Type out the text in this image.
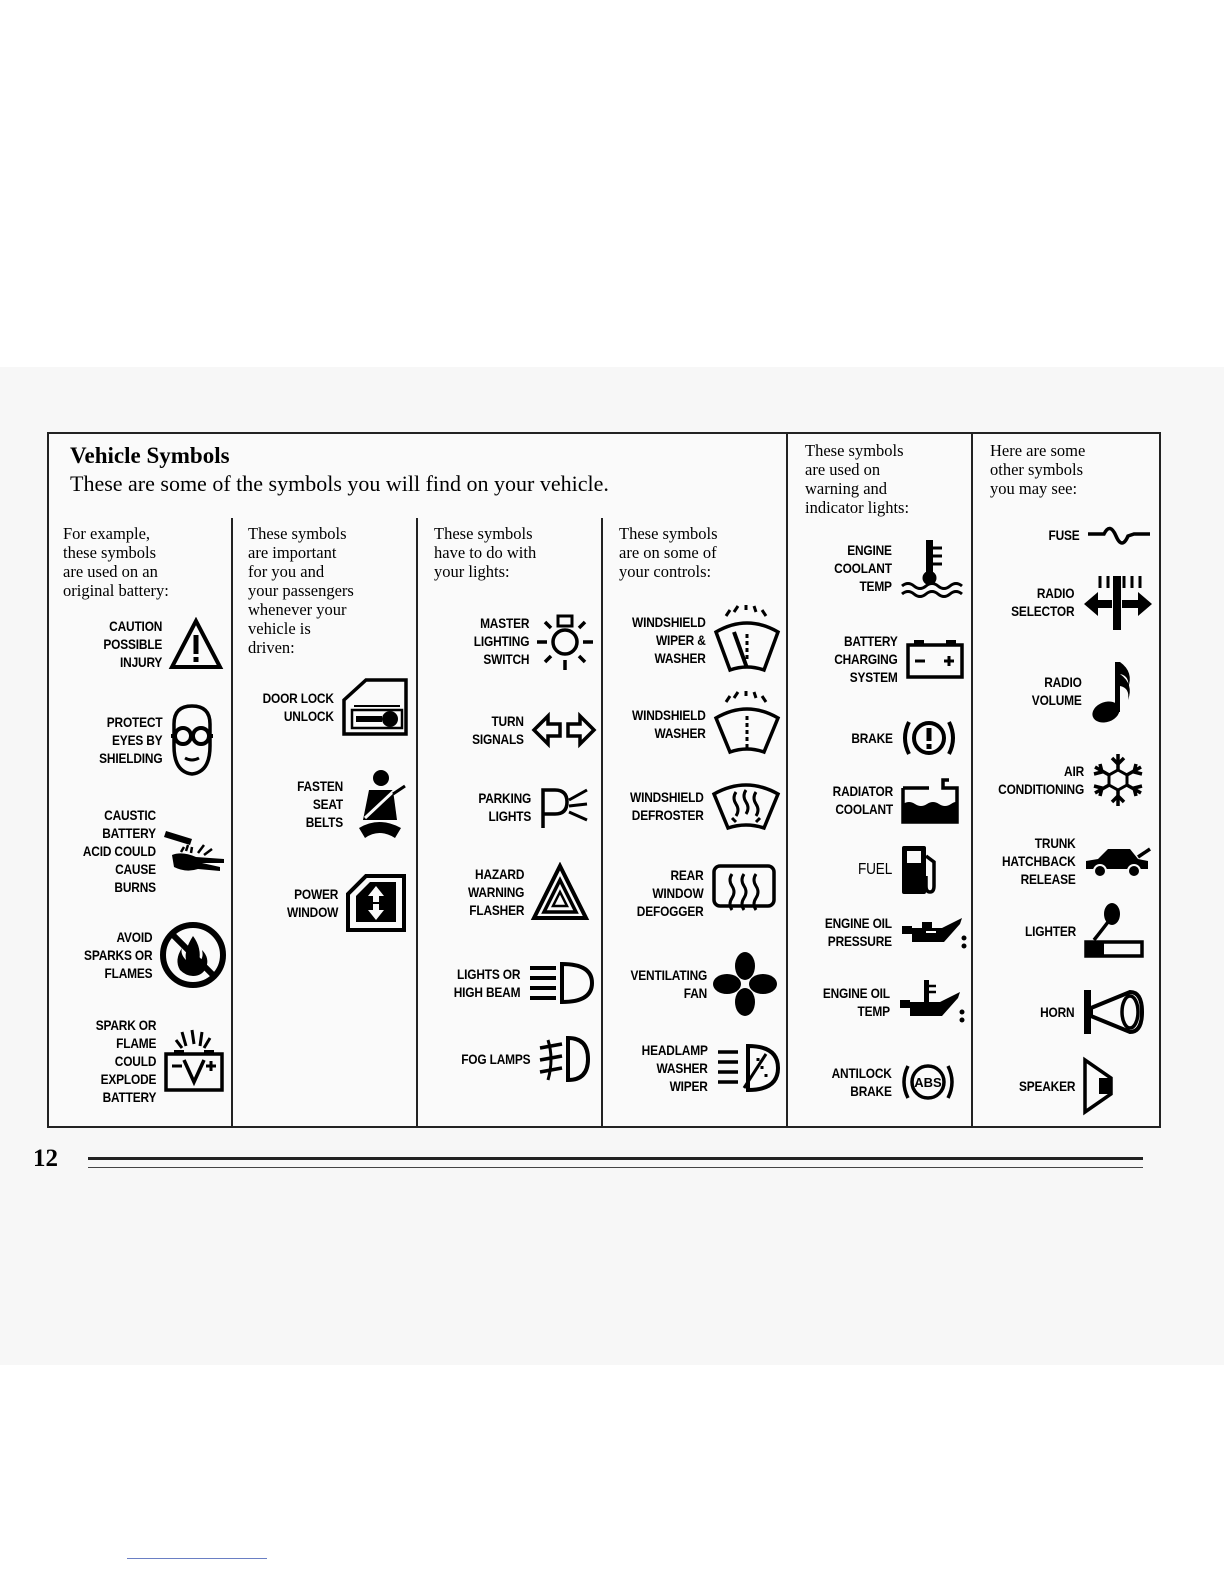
Vehicle Symbols
These are some of the symbols you will find on your vehicle.
For example,
these symbols
are used on an
original battery:
These symbols
are important
for you and
your passengers
whenever your
vehicle is
driven:
These symbols
have to do with
your lights:
These symbols
are on some of
your controls:
These symbols
are used on
warning and
indicator lights:
Here are some
other symbols
you may see:
CAUTION
POSSIBLE
INJURY
PROTECT
EYES BY
SHIELDING
CAUSTIC
BATTERY
ACID COULD
CAUSE
BURNS
AVOID
SPARKS OR
FLAMES
SPARK OR
FLAME
COULD
EXPLODE
BATTERY
DOOR LOCK
UNLOCK
FASTEN
SEAT
BELTS
POWER
WINDOW
MASTER
LIGHTING
SWITCH
TURN
SIGNALS
PARKING
LIGHTS
HAZARD
WARNING
FLASHER
LIGHTS OR
HIGH BEAM
FOG LAMPS
WINDSHIELD
WIPER &
WASHER
WINDSHIELD
WASHER
WINDSHIELD
DEFROSTER
REAR
WINDOW
DEFOGGER
VENTILATING
FAN
HEADLAMP
WASHER
WIPER
ENGINE
COOLANT
TEMP
BATTERY
CHARGING
SYSTEM
BRAKE
RADIATOR
COOLANT
FUEL
ENGINE OIL
PRESSURE
ENGINE OIL
TEMP
ANTILOCK
BRAKE
ABS
FUSE
RADIO
SELECTOR
RADIO
VOLUME
AIR
CONDITIONING
TRUNK
HATCHBACK
RELEASE
LIGHTER
HORN
SPEAKER
12
